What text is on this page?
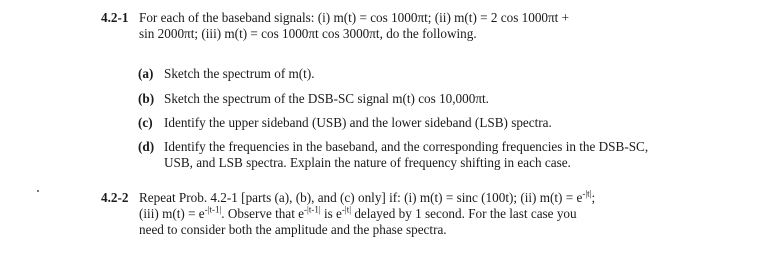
4.2-1 For each of the baseband signals: (i) m(t) = cos 1000πt; (ii) m(t) = 2 cos 1000πt +
sin 2000πt; (iii) m(t) = cos 1000πt cos 3000πt, do the following.
(a) Sketch the spectrum of m(t).
(b) Sketch the spectrum of the DSB-SC signal m(t) cos 10,000πt.
(c) Identify the upper sideband (USB) and the lower sideband (LSB) spectra.
(d) Identify the frequencies in the baseband, and the corresponding frequencies in the DSB-SC,
USB, and LSB spectra. Explain the nature of frequency shifting in each case.
4.2-2 Repeat Prob. 4.2-1 [parts (a), (b), and (c) only] if: (i) m(t) = sinc (100t); (ii) $m(t) = e^{-|t|}$;
(iii) $m(t) = e^{-|t-1|}$. Observe that $e^{-|t-1|}$ is $e^{-|t|}$ delayed by 1 second. For the last case you
need to consider both the amplitude and the phase spectra.
